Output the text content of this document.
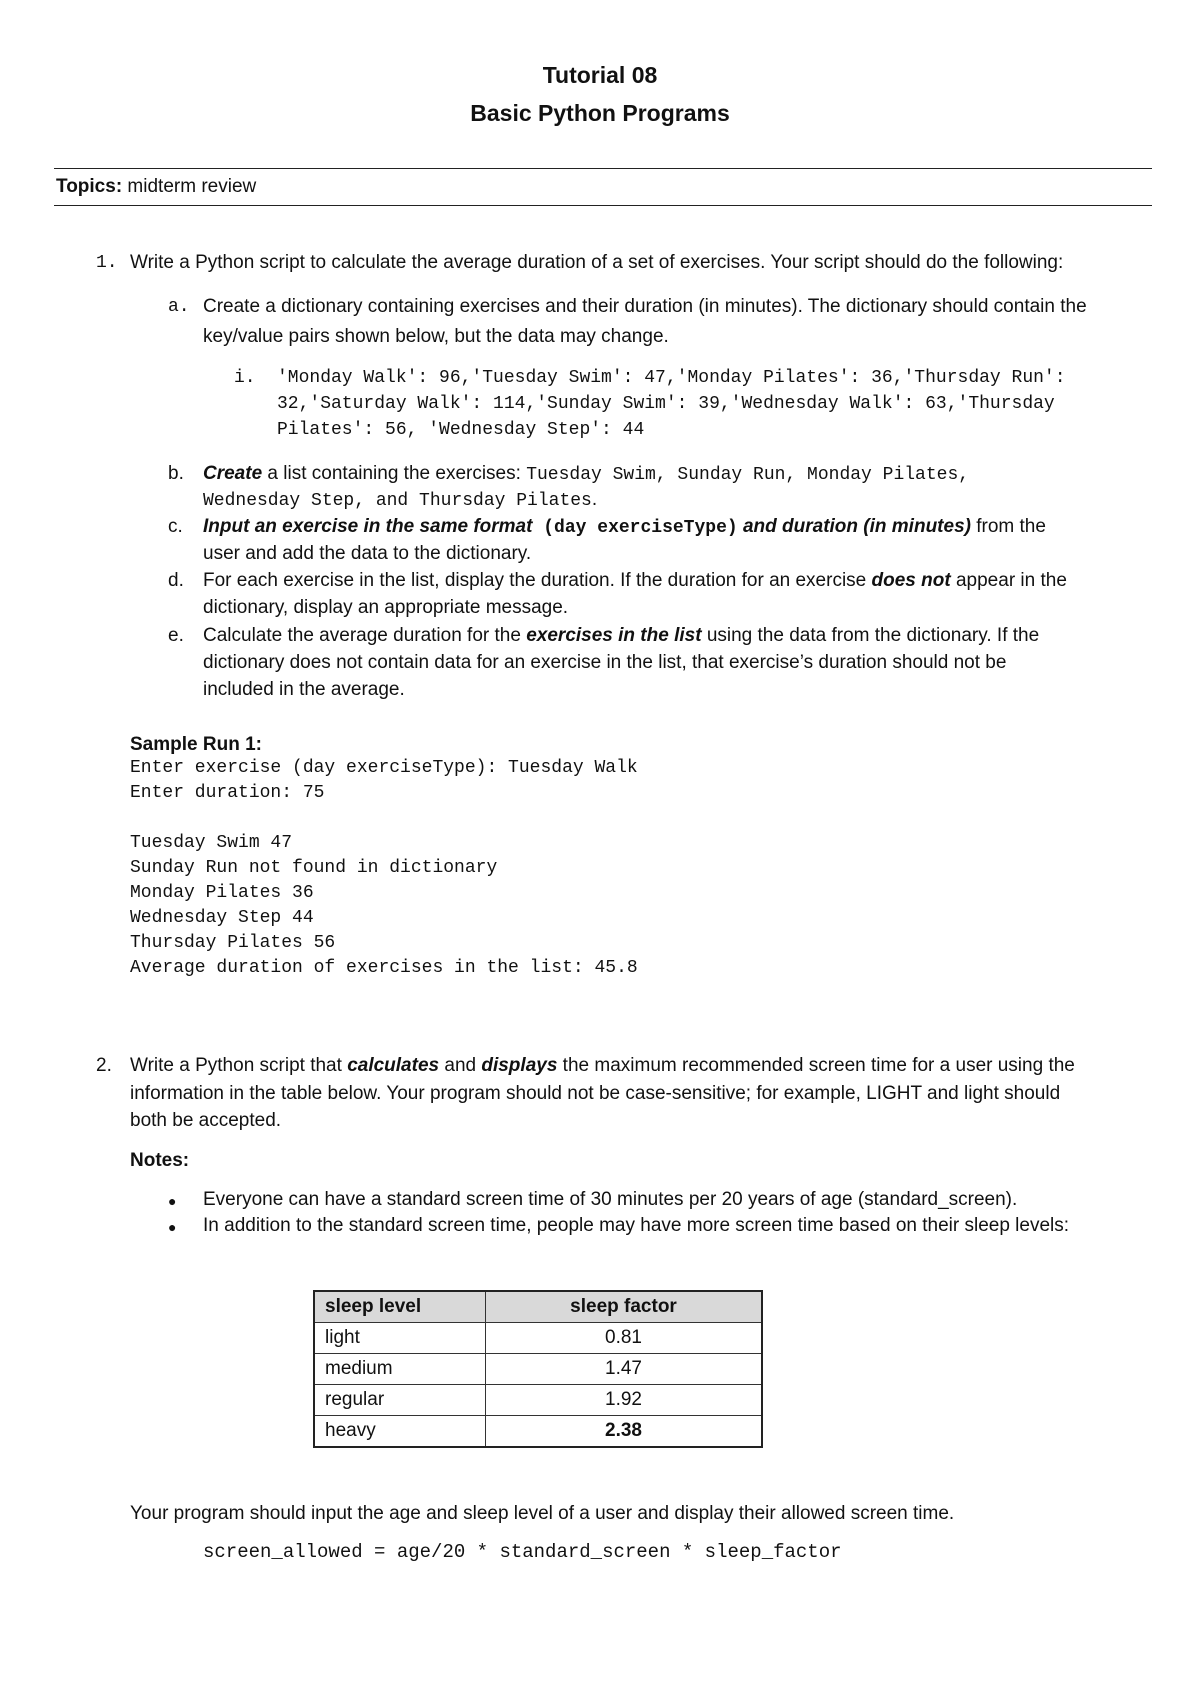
Tutorial 08
Basic Python Programs
Topics: midterm review
1. Write a Python script to calculate the average duration of a set of exercises. Your script should do the following:
a. Create a dictionary containing exercises and their duration (in minutes). The dictionary should contain the
key/value pairs shown below, but the data may change.
i. 'Monday Walk': 96,'Tuesday Swim': 47,'Monday Pilates': 36,'Thursday Run':
32,'Saturday Walk': 114,'Sunday Swim': 39,'Wednesday Walk': 63,'Thursday
Pilates': 56, 'Wednesday Step': 44
b. Create a list containing the exercises: Tuesday Swim, Sunday Run, Monday Pilates,
Wednesday Step, and Thursday Pilates.
c. Input an exercise in the same format (day exerciseType) and duration (in minutes) from the
user and add the data to the dictionary.
d. For each exercise in the list, display the duration. If the duration for an exercise does not appear in the
dictionary, display an appropriate message.
e. Calculate the average duration for the exercises in the list using the data from the dictionary. If the
dictionary does not contain data for an exercise in the list, that exercise’s duration should not be
included in the average.
Sample Run 1:
Enter exercise (day exerciseType): Tuesday Walk
Enter duration: 75
Tuesday Swim 47
Sunday Run not found in dictionary
Monday Pilates 36
Wednesday Step 44
Thursday Pilates 56
Average duration of exercises in the list: 45.8
2. Write a Python script that calculates and displays the maximum recommended screen time for a user using the
information in the table below. Your program should not be case-sensitive; for example, LIGHT and light should
both be accepted.
Notes:
● Everyone can have a standard screen time of 30 minutes per 20 years of age (standard_screen).
● In addition to the standard screen time, people may have more screen time based on their sleep levels:
sleep level	sleep factor
light	0.81
medium	1.47
regular	1.92
heavy	2.38
Your program should input the age and sleep level of a user and display their allowed screen time.
screen_allowed = age/20 * standard_screen * sleep_factor
